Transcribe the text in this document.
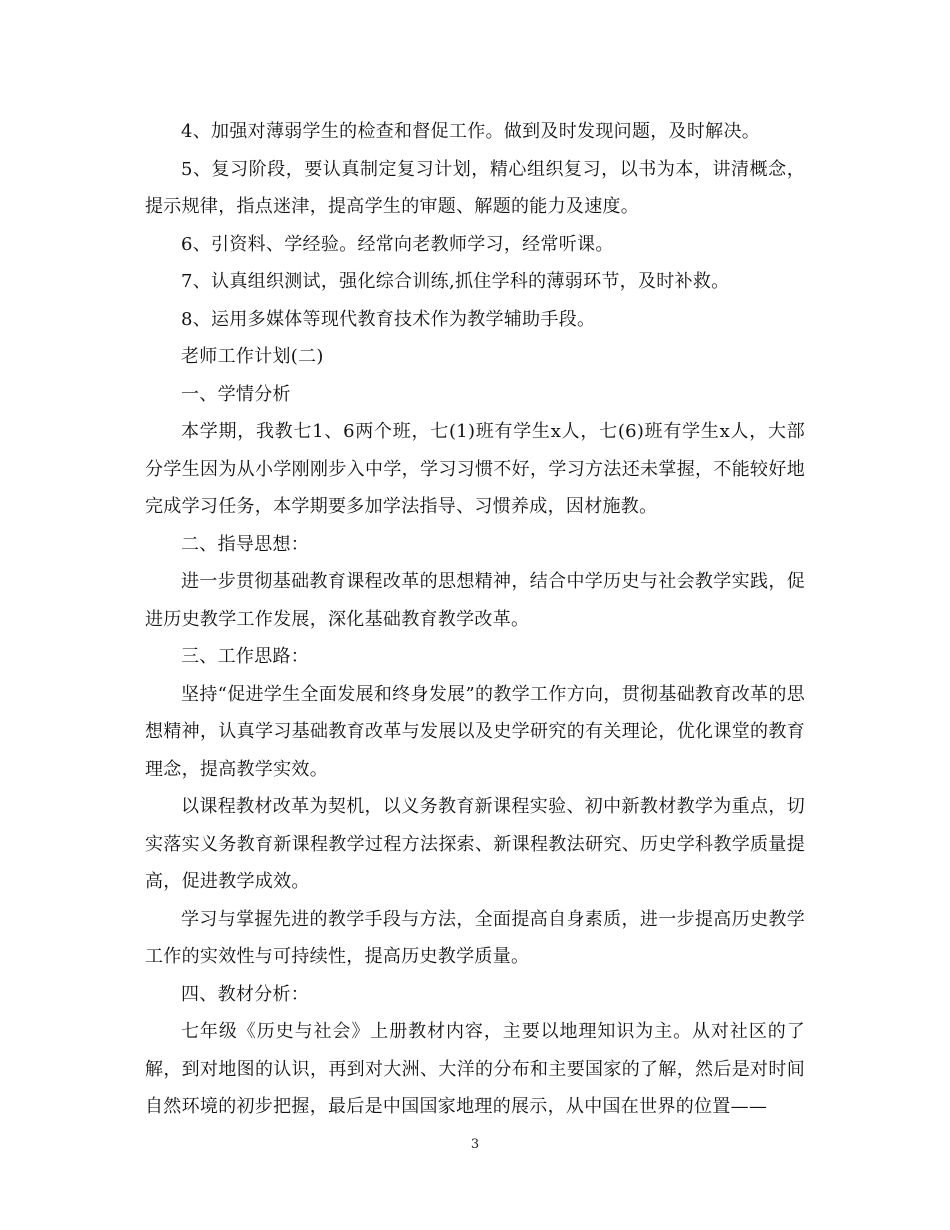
4、加强对薄弱学生的检查和督促工作。做到及时发现问题，及时解决。

5、复习阶段，要认真制定复习计划，精心组织复习，以书为本，讲清概念，提示规律，指点迷津，提高学生的审题、解题的能力及速度。

6、引资料、学经验。经常向老教师学习，经常听课。

7、认真组织测试，强化综合训练,抓住学科的薄弱环节，及时补救。

8、运用多媒体等现代教育技术作为教学辅助手段。

老师工作计划(二)

一、学情分析

本学期，我教七1、6两个班，七(1)班有学生x人，七(6)班有学生x人，大部分学生因为从小学刚刚步入中学，学习习惯不好，学习方法还未掌握，不能较好地完成学习任务，本学期要多加学法指导、习惯养成，因材施教。

二、指导思想：

进一步贯彻基础教育课程改革的思想精神，结合中学历史与社会教学实践，促进历史教学工作发展，深化基础教育教学改革。

三、工作思路：

坚持“促进学生全面发展和终身发展”的教学工作方向，贯彻基础教育改革的思想精神，认真学习基础教育改革与发展以及史学研究的有关理论，优化课堂的教育理念，提高教学实效。

以课程教材改革为契机，以义务教育新课程实验、初中新教材教学为重点，切实落实义务教育新课程教学过程方法探索、新课程教法研究、历史学科教学质量提高，促进教学成效。

学习与掌握先进的教学手段与方法，全面提高自身素质，进一步提高历史教学工作的实效性与可持续性，提高历史教学质量。

四、教材分析：

七年级《历史与社会》上册教材内容，主要以地理知识为主。从对社区的了解，到对地图的认识，再到对大洲、大洋的分布和主要国家的了解，然后是对时间自然环境的初步把握，最后是中国国家地理的展示，从中国在世界的位置——

3
